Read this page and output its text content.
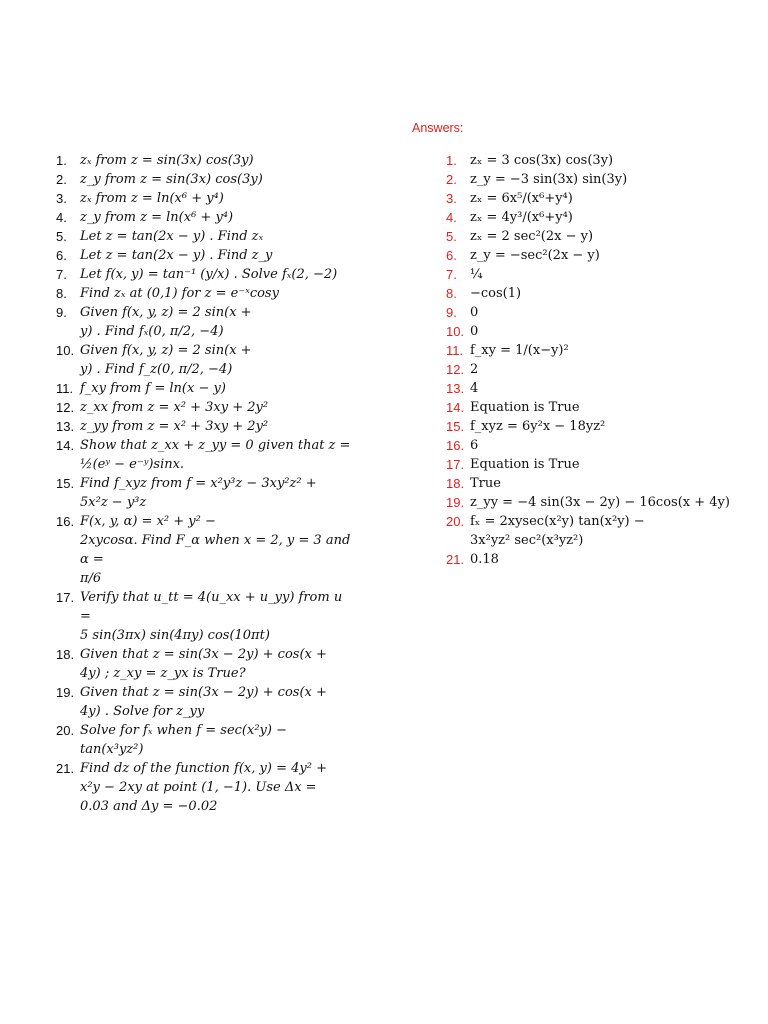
Answers:
1. zₓ from z = sin(3x) cos(3y)
2. z_y from z = sin(3x) cos(3y)
3. zₓ from z = ln(x⁶ + y⁴)
4. z_y from z = ln(x⁶ + y⁴)
5. Let z = tan(2x − y) . Find zₓ
6. Let z = tan(2x − y) . Find z_y
7. Let f(x, y) = tan⁻¹ (y/x) . Solve fₓ(2, −2)
8. Find zₓ at (0,1) for z = e⁻ˣcosy
9. Given f(x, y, z) = 2 sin(x +
y) . Find fₓ(0, π/2, −4)
10. Given f(x, y, z) = 2 sin(x +
y) . Find f_z(0, π/2, −4)
11. f_xy from f = ln(x − y)
12. z_xx from z = x² + 3xy + 2y²
13. z_yy from z = x² + 3xy + 2y²
14. Show that z_xx + z_yy = 0 given that z =
½(eʸ − e⁻ʸ)sinx.
15. Find f_xyz from f = x²y³z − 3xy²z² +
5x²z − y³z
16. F(x, y, α) = x² + y² −
2xycosα. Find F_α when x = 2, y = 3 and α =
π/6
17. Verify that u_tt = 4(u_xx + u_yy) from u =
5 sin(3πx) sin(4πy) cos(10πt)
18. Given that z = sin(3x − 2y) + cos(x +
4y) ; z_xy = z_yx is True?
19. Given that z = sin(3x − 2y) + cos(x +
4y) . Solve for z_yy
20. Solve for fₓ when f = sec(x²y) −
tan(x³yz²)
21. Find dz of the function f(x, y) = 4y² +
x²y − 2xy at point (1, −1). Use Δx =
0.03 and Δy = −0.02
1. zₓ = 3 cos(3x) cos(3y)
2. z_y = −3 sin(3x) sin(3y)
3. zₓ = 6x⁵/(x⁶+y⁴)
4. zₓ = 4y³/(x⁶+y⁴)
5. zₓ = 2 sec²(2x − y)
6. z_y = −sec²(2x − y)
7. ¼
8. −cos(1)
9. 0
10. 0
11. f_xy = 1/(x−y)²
12. 2
13. 4
14. Equation is True
15. f_xyz = 6y²x − 18yz²
16. 6
17. Equation is True
18. True
19. z_yy = −4 sin(3x − 2y) − 16cos(x + 4y)
20. fₓ = 2xysec(x²y) tan(x²y) −
3x²yz² sec²(x³yz²)
21. 0.18
